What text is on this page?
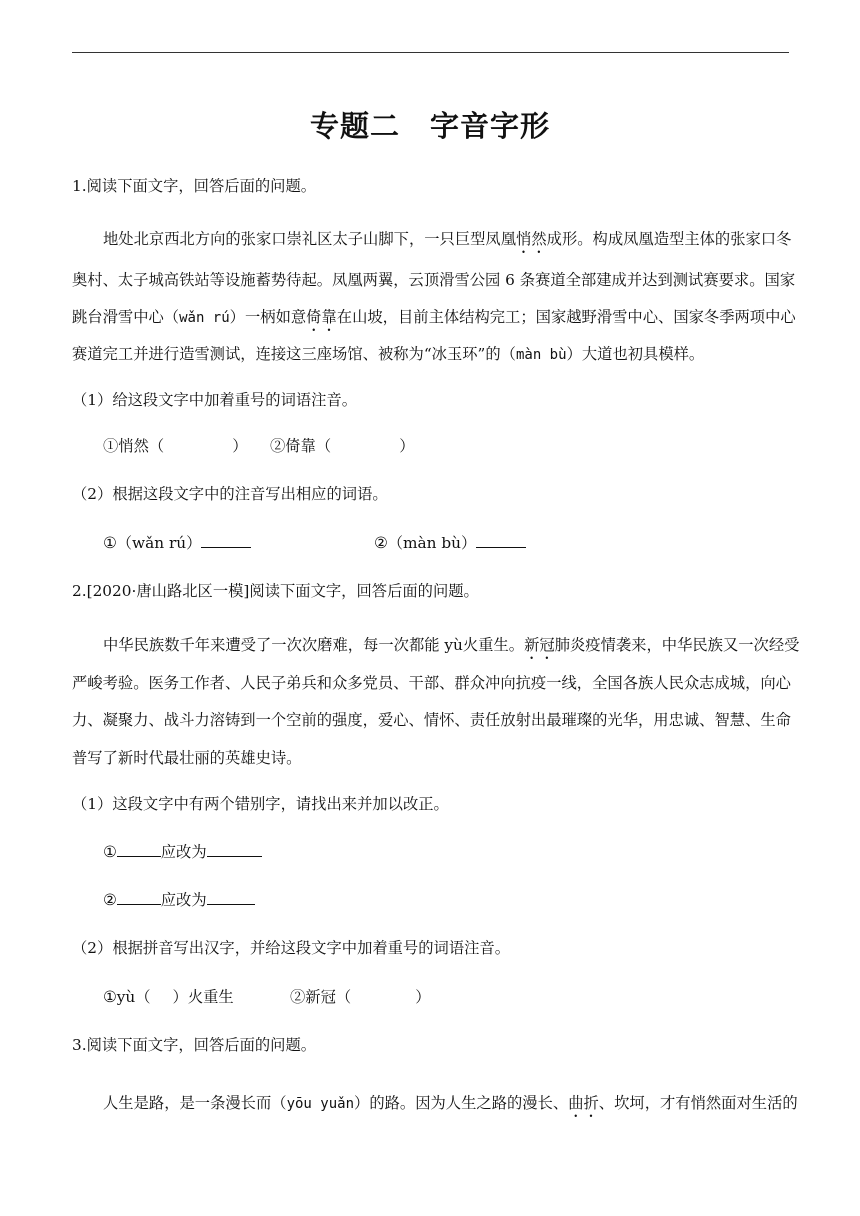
专题二 字音字形
1.阅读下面文字，回答后面的问题。

地处北京西北方向的张家口崇礼区太子山脚下，一只巨型凤凰悄然成形。构成凤凰造型主体的张家口冬

奥村、太子城高铁站等设施蓄势待起。凤凰两翼，云顶滑雪公园 6 条赛道全部建成并达到测试赛要求。国家
跳台滑雪中心（wǎn rú）一柄如意倚靠在山坡，目前主体结构完工；国家越野滑雪中心、国家冬季两项中心
赛道完工并进行造雪测试，连接这三座场馆、被称为“冰玉环”的（màn bù）大道也初具模样。
（1）给这段文字中加着重号的词语注音。
①悄然（	） ②倚靠（	）
（2）根据这段文字中的注音写出相应的词语。
①（wǎn rú）	②（màn bù）
2.[2020·唐山路北区一模]阅读下面文字，回答后面的问题。
中华民族数千年来遭受了一次次磨难，每一次都能 yù火重生。新冠肺炎疫情袭来，中华民族又一次经受
严峻考验。医务工作者、人民子弟兵和众多党员、干部、群众冲向抗疫一线，全国各族人民众志成城，向心
力、凝聚力、战斗力溶铸到一个空前的强度，爱心、情怀、责任放射出最璀璨的光华，用忠诚、智慧、生命
普写了新时代最壮丽的英雄史诗。
（1）这段文字中有两个错别字，请找出来并加以改正。
①	应改为
②	应改为
（2）根据拼音写出汉字，并给这段文字中加着重号的词语注音。
①yù（ ）火重生	②新冠（	）
3.阅读下面文字，回答后面的问题。
人生是路，是一条漫长而（yōu yuǎn）的路。因为人生之路的漫长、曲折、坎坷，才有悄然面对生活的
